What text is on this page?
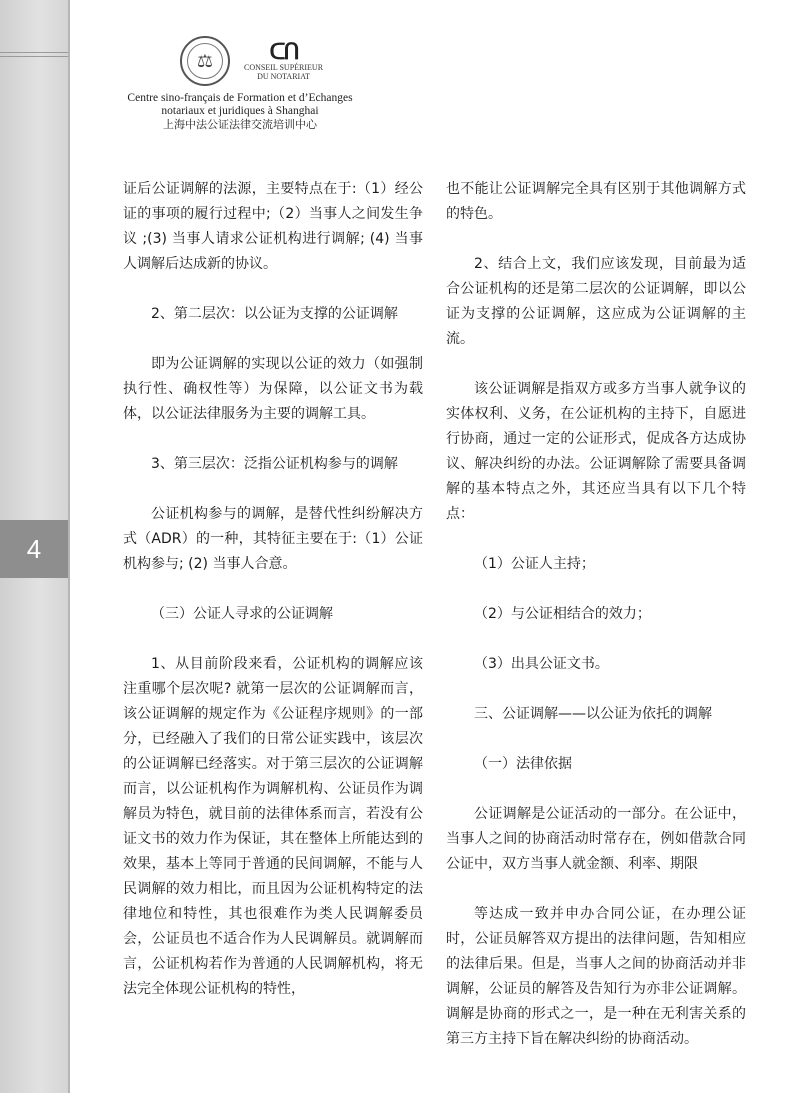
4
⚖	ᑕᑎ
CONSEIL SUPÉRIEUR
DU NOTARIAT
Centre sino-français de Formation et d’Echanges
notariaux et juridiques à Shanghai
上海中法公证法律交流培训中心

证后公证调解的法源，主要特点在于:（1）经公证的事项的履行过程中;（2）当事人之间发生争议 ;(3) 当事人请求公证机构进行调解; (4) 当事人调解后达成新的协议。

2、第二层次：以公证为支撑的公证调解

即为公证调解的实现以公证的效力（如强制执行性、确权性等）为保障，以公证文书为载体，以公证法律服务为主要的调解工具。

3、第三层次：泛指公证机构参与的调解

公证机构参与的调解，是替代性纠纷解决方式（ADR）的一种，其特征主要在于:（1）公证机构参与; (2) 当事人合意。

（三）公证人寻求的公证调解

1、从目前阶段来看，公证机构的调解应该注重哪个层次呢? 就第一层次的公证调解而言，该公证调解的规定作为《公证程序规则》的一部分，已经融入了我们的日常公证实践中，该层次的公证调解已经落实。对于第三层次的公证调解而言，以公证机构作为调解机构、公证员作为调解员为特色，就目前的法律体系而言，若没有公证文书的效力作为保证，其在整体上所能达到的效果，基本上等同于普通的民间调解，不能与人民调解的效力相比，而且因为公证机构特定的法律地位和特性，其也很难作为类人民调解委员会，公证员也不适合作为人民调解员。就调解而言，公证机构若作为普通的人民调解机构，将无法完全体现公证机构的特性，

也不能让公证调解完全具有区别于其他调解方式的特色。

2、结合上文，我们应该发现，目前最为适合公证机构的还是第二层次的公证调解，即以公证为支撑的公证调解，这应成为公证调解的主流。

该公证调解是指双方或多方当事人就争议的实体权利、义务，在公证机构的主持下，自愿进行协商，通过一定的公证形式，促成各方达成协议、解决纠纷的办法。公证调解除了需要具备调解的基本特点之外，其还应当具有以下几个特点：

（1）公证人主持；

（2）与公证相结合的效力；

（3）出具公证文书。

三、公证调解——以公证为依托的调解

（一）法律依据

公证调解是公证活动的一部分。在公证中，当事人之间的协商活动时常存在，例如借款合同公证中，双方当事人就金额、利率、期限

等达成一致并申办合同公证，在办理公证时，公证员解答双方提出的法律问题，告知相应的法律后果。但是，当事人之间的协商活动并非调解，公证员的解答及告知行为亦非公证调解。调解是协商的形式之一，是一种在无利害关系的第三方主持下旨在解决纠纷的协商活动。
